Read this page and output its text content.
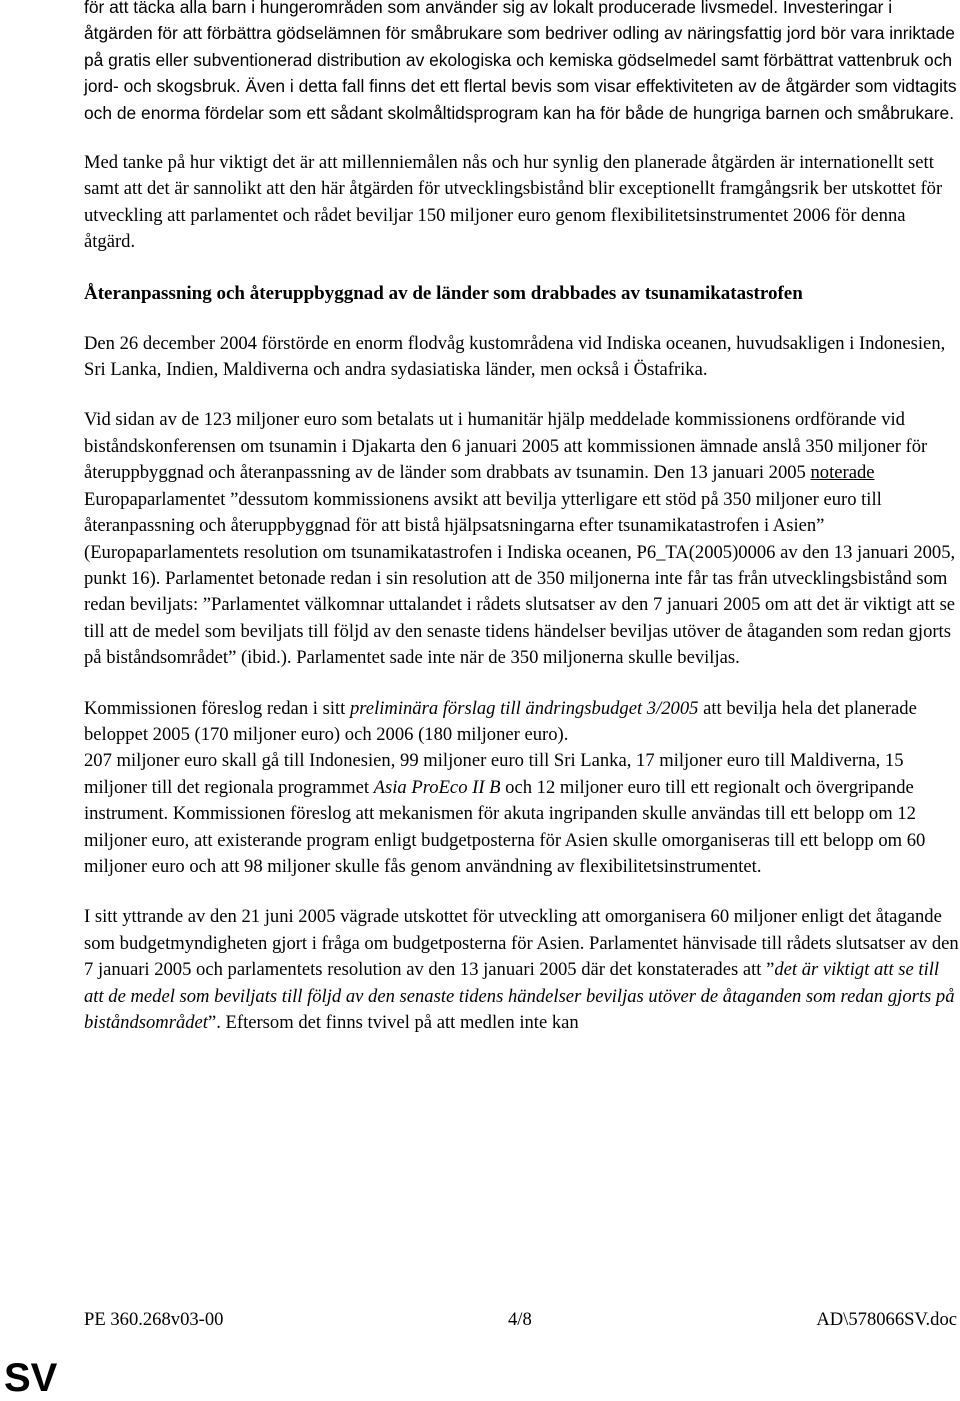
för att täcka alla barn i hungerområden som använder sig av lokalt producerade livsmedel. Investeringar i åtgärden för att förbättra gödselämnen för småbrukare som bedriver odling av näringsfattig jord bör vara inriktade på gratis eller subventionerad distribution av ekologiska och kemiska gödselmedel samt förbättrat vattenbruk och jord- och skogsbruk. Även i detta fall finns det ett flertal bevis som visar effektiviteten av de åtgärder som vidtagits och de enorma fördelar som ett sådant skolmåltidsprogram kan ha för både de hungriga barnen och småbrukare.

Med tanke på hur viktigt det är att millenniemålen nås och hur synlig den planerade åtgärden är internationellt sett samt att det är sannolikt att den här åtgärden för utvecklingsbistånd blir exceptionellt framgångsrik ber utskottet för utveckling att parlamentet och rådet beviljar 150 miljoner euro genom flexibilitetsinstrumentet 2006 för denna åtgärd.

Återanpassning och återuppbyggnad av de länder som drabbades av tsunamikatastrofen

Den 26 december 2004 förstörde en enorm flodvåg kustområdena vid Indiska oceanen, huvudsakligen i Indonesien, Sri Lanka, Indien, Maldiverna och andra sydasiatiska länder, men också i Östafrika.

Vid sidan av de 123 miljoner euro som betalats ut i humanitär hjälp meddelade kommissionens ordförande vid biståndskonferensen om tsunamin i Djakarta den 6 januari 2005 att kommissionen ämnade anslå 350 miljoner för återuppbyggnad och återanpassning av de länder som drabbats av tsunamin. Den 13 januari 2005 noterade Europaparlamentet ”dessutom kommissionens avsikt att bevilja ytterligare ett stöd på 350 miljoner euro till återanpassning och återuppbyggnad för att bistå hjälpsatsningarna efter tsunamikatastrofen i Asien” (Europaparlamentets resolution om tsunamikatastrofen i Indiska oceanen, P6_TA(2005)0006 av den 13 januari 2005, punkt 16). Parlamentet betonade redan i sin resolution att de 350 miljonerna inte får tas från utvecklingsbistånd som redan beviljats: ”Parlamentet välkomnar uttalandet i rådets slutsatser av den 7 januari 2005 om att det är viktigt att se till att de medel som beviljats till följd av den senaste tidens händelser beviljas utöver de åtaganden som redan gjorts på biståndsområdet” (ibid.). Parlamentet sade inte när de 350 miljonerna skulle beviljas.

Kommissionen föreslog redan i sitt preliminära förslag till ändringsbudget 3/2005 att bevilja hela det planerade beloppet 2005 (170 miljoner euro) och 2006 (180 miljoner euro).

207 miljoner euro skall gå till Indonesien, 99 miljoner euro till Sri Lanka, 17 miljoner euro till Maldiverna, 15 miljoner till det regionala programmet Asia ProEco II B och 12 miljoner euro till ett regionalt och övergripande instrument. Kommissionen föreslog att mekanismen för akuta ingripanden skulle användas till ett belopp om 12 miljoner euro, att existerande program enligt budgetposterna för Asien skulle omorganiseras till ett belopp om 60 miljoner euro och att 98 miljoner skulle fås genom användning av flexibilitetsinstrumentet.

I sitt yttrande av den 21 juni 2005 vägrade utskottet för utveckling att omorganisera 60 miljoner enligt det åtagande som budgetmyndigheten gjort i fråga om budgetposterna för Asien. Parlamentet hänvisade till rådets slutsatser av den 7 januari 2005 och parlamentets resolution av den 13 januari 2005 där det konstaterades att ”det är viktigt att se till att de medel som beviljats till följd av den senaste tidens händelser beviljas utöver de åtaganden som redan gjorts på biståndsområdet”. Eftersom det finns tvivel på att medlen inte kan

PE 360.268v03-00	4/8	AD\578066SV.doc
SV
